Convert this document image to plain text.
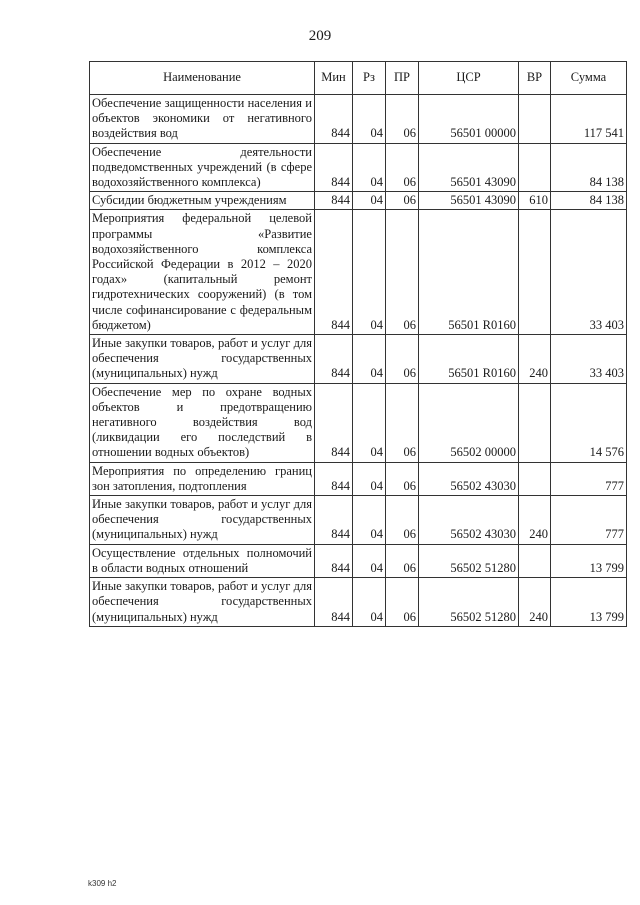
209
Наименование	Мин	Рз	ПР	ЦСР	ВР	Сумма
Обеспечение защищенности населения и объектов экономики от негативного воздействия вод	844	04	06	56501 00000		117 541
Обеспечение деятельности подведомственных учреждений (в сфере водохозяйственного комплекса)	844	04	06	56501 43090		84 138
Субсидии бюджетным учреждениям	844	04	06	56501 43090	610	84 138
Мероприятия федеральной целевой программы «Развитие водохозяйственного комплекса Российской Федерации в 2012 – 2020 годах» (капитальный ремонт гидротехнических сооружений) (в том числе софинансирование с федеральным бюджетом)	844	04	06	56501 R0160		33 403
Иные закупки товаров, работ и услуг для обеспечения государственных (муниципальных) нужд	844	04	06	56501 R0160	240	33 403
Обеспечение мер по охране водных объектов и предотвращению негативного воздействия вод (ликвидации его последствий в отношении водных объектов)	844	04	06	56502 00000		14 576
Мероприятия по определению границ зон затопления, подтопления	844	04	06	56502 43030		777
Иные закупки товаров, работ и услуг для обеспечения государственных (муниципальных) нужд	844	04	06	56502 43030	240	777
Осуществление отдельных полномочий в области водных отношений	844	04	06	56502 51280		13 799
Иные закупки товаров, работ и услуг для обеспечения государственных (муниципальных) нужд	844	04	06	56502 51280	240	13 799
k309 h2
